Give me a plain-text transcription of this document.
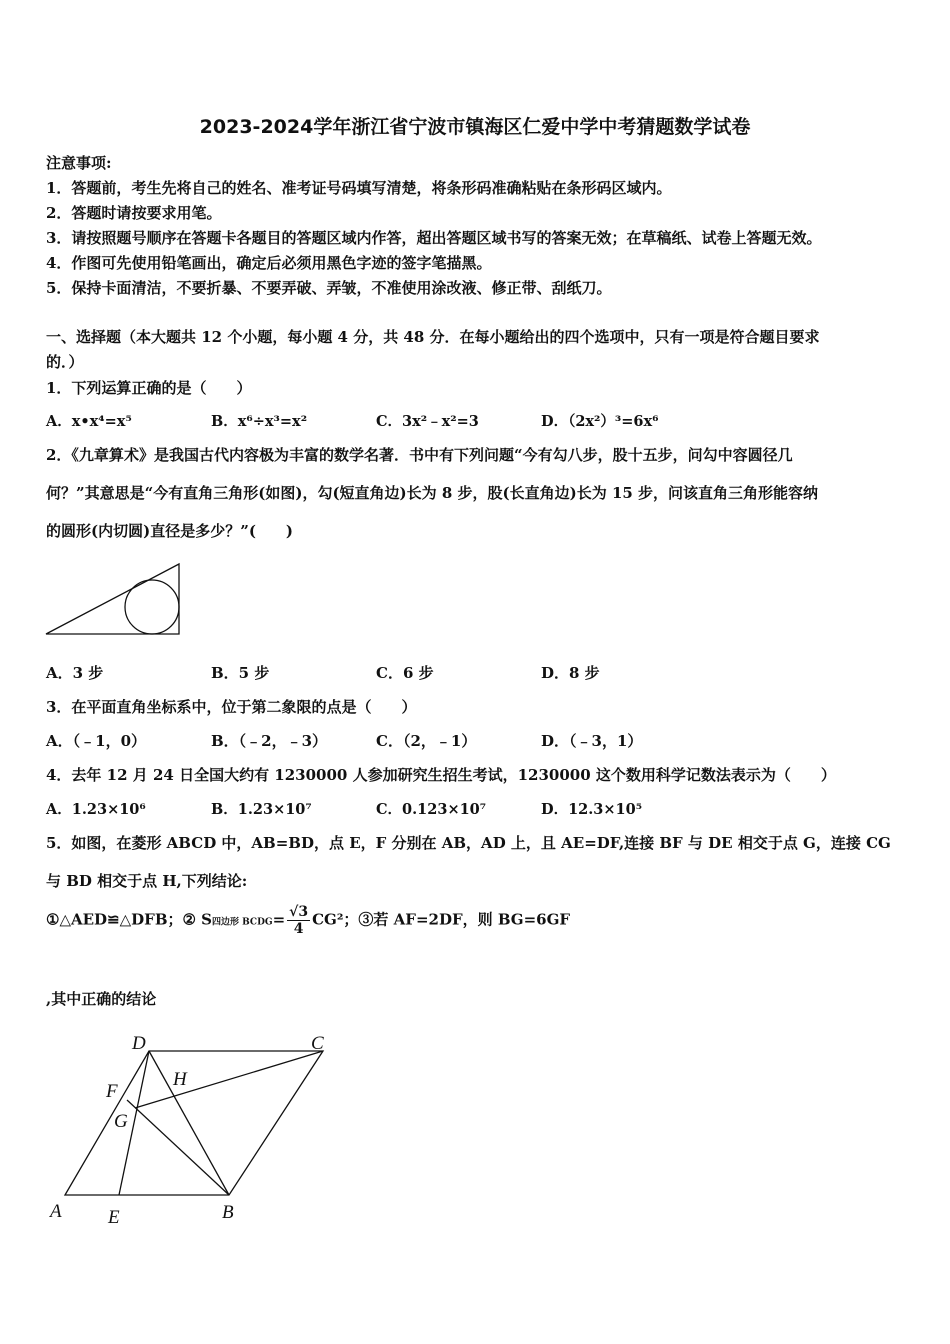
2023-2024学年浙江省宁波市镇海区仁爱中学中考猜题数学试卷
注意事项:
1．答题前，考生先将自己的姓名、准考证号码填写清楚，将条形码准确粘贴在条形码区域内。
2．答题时请按要求用笔。
3．请按照题号顺序在答题卡各题目的答题区域内作答，超出答题区域书写的答案无效；在草稿纸、试卷上答题无效。
4．作图可先使用铅笔画出，确定后必须用黑色字迹的签字笔描黑。
5．保持卡面清洁，不要折暴、不要弄破、弄皱，不准使用涂改液、修正带、刮纸刀。
一、选择题（本大题共 12 个小题，每小题 4 分，共 48 分．在每小题给出的四个选项中，只有一项是符合题目要求
的．）
1．下列运算正确的是（　　）
A．x•x⁴=x⁵	B．x⁶÷x³=x²	C．3x²﹣x²=3	D．（2x²）³=6x⁶
2．《九章算术》是我国古代内容极为丰富的数学名著．书中有下列问题“今有勾八步，股十五步，问勾中容圆径几
何？”其意思是“今有直角三角形(如图)，勾(短直角边)长为 8 步，股(长直角边)长为 15 步，问该直角三角形能容纳
的圆形(内切圆)直径是多少？”(　　)
A．3 步	B．5 步	C．6 步	D．8 步
3．在平面直角坐标系中，位于第二象限的点是（　　）
A．（﹣1，0）	B．（﹣2，﹣3）	C．（2，﹣1）	D．（﹣3，1）
4．去年 12 月 24 日全国大约有 1230000 人参加研究生招生考试，1230000 这个数用科学记数法表示为（　　）
A．1.23×10⁶	B．1.23×10⁷	C．0.123×10⁷	D．12.3×10⁵
5．如图，在菱形 ABCD 中，AB=BD，点 E，F 分别在 AB，AD 上，且 AE=DF,连接 BF 与 DE 相交于点 G，连接 CG
与 BD 相交于点 H,下列结论:
①△AED≌△DFB；② S四边形 BCDG= $\frac{√3}{4} CG^2$；③若 AF=2DF，则 BG=6GF
,其中正确的结论
D	C
F
H
G
A E	B
